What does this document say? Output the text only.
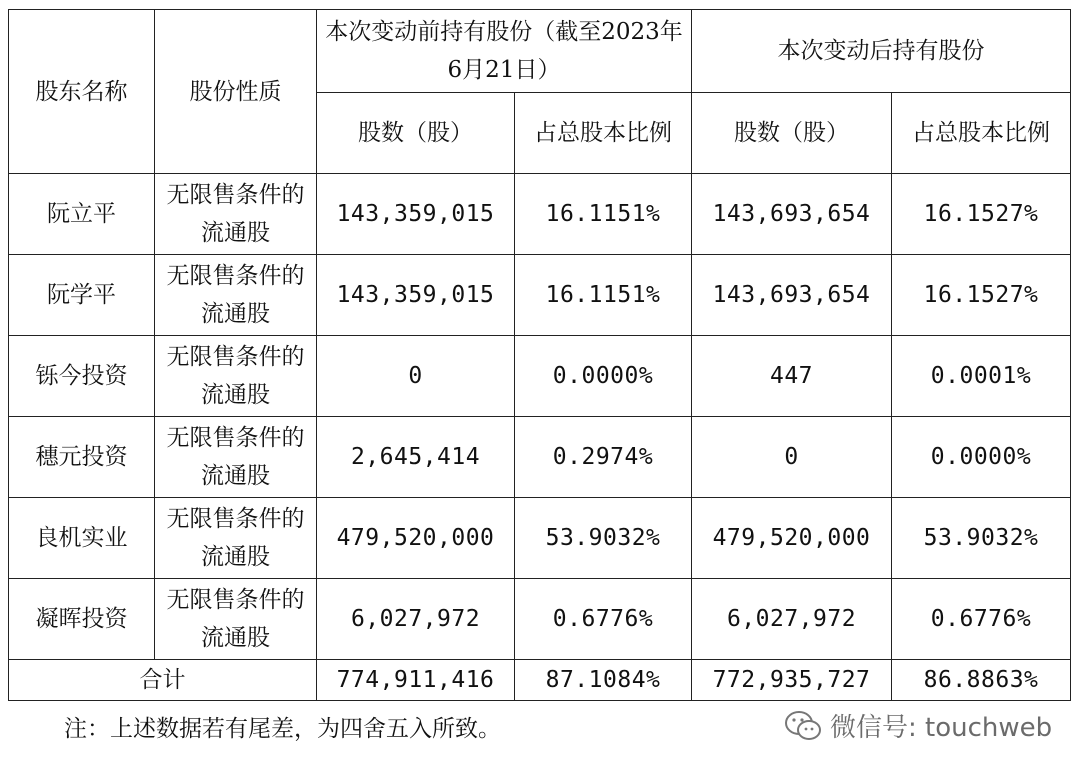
股东名称	股份性质	本次变动前持有股份（截至2023年6月21日）		本次变动后持有股份	
		股数（股）	占总股本比例	股数（股）	占总股本比例
阮立平	无限售条件的流通股	143,359,015	16.1151%	143,693,654	16.1527%
阮学平	无限售条件的流通股	143,359,015	16.1151%	143,693,654	16.1527%
铄今投资	无限售条件的流通股	0	0.0000%	447	0.0001%
穗元投资	无限售条件的流通股	2,645,414	0.2974%	0	0.0000%
良机实业	无限售条件的流通股	479,520,000	53.9032%	479,520,000	53.9032%
凝晖投资	无限售条件的流通股	6,027,972	0.6776%	6,027,972	0.6776%
合计		774,911,416	87.1084%	772,935,727	86.8863%
注：上述数据若有尾差，为四舍五入所致。	微信号: touchweb
